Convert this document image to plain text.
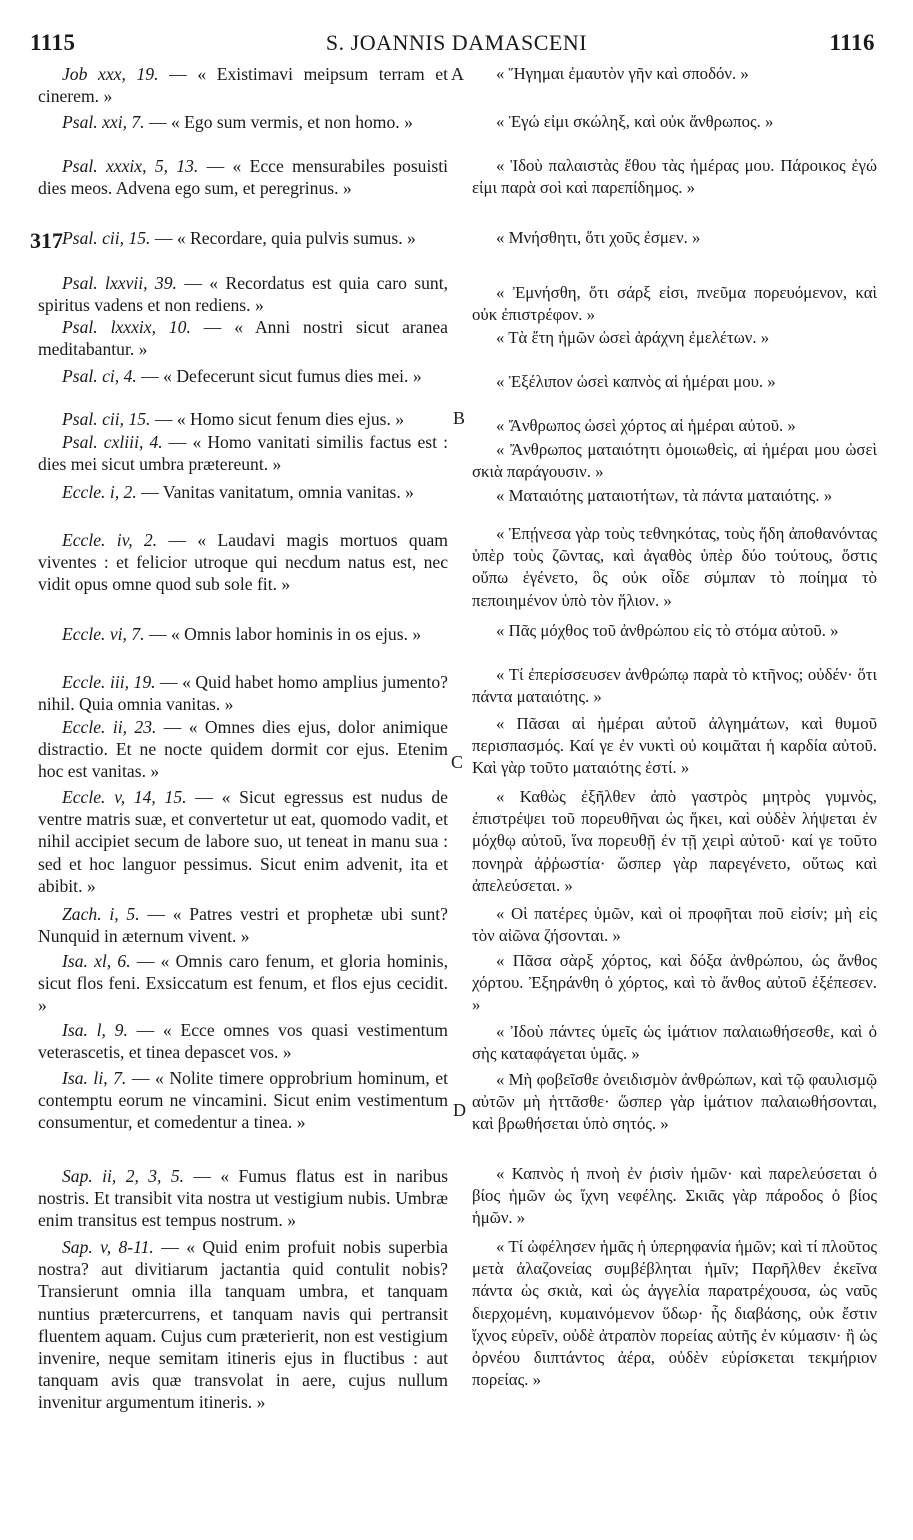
1115	S. JOANNIS DAMASCENI	1116
317
A
B
C
D

Job xxx, 19. — « Existimavi meipsum terram et cinerem. »

Psal. xxi, 7. — « Ego sum vermis, et non homo. »

Psal. xxxix, 5, 13. — « Ecce mensurabiles posuisti dies meos. Advena ego sum, et peregrinus. »

Psal. cii, 15. — « Recordare, quia pulvis sumus. »

Psal. lxxvii, 39. — « Recordatus est quia caro sunt, spiritus vadens et non rediens. »

Psal. lxxxix, 10. — « Anni nostri sicut aranea meditabantur. »

Psal. ci, 4. — « Defecerunt sicut fumus dies mei. »

Psal. cii, 15. — « Homo sicut fenum dies ejus. »

Psal. cxliii, 4. — « Homo vanitati similis factus est : dies mei sicut umbra prætereunt. »

Eccle. i, 2. — Vanitas vanitatum, omnia vanitas. »

Eccle. iv, 2. — « Laudavi magis mortuos quam viventes : et felicior utroque qui necdum natus est, nec vidit opus omne quod sub sole fit. »

Eccle. vi, 7. — « Omnis labor hominis in os ejus. »

Eccle. iii, 19. — « Quid habet homo amplius jumento? nihil. Quia omnia vanitas. »

Eccle. ii, 23. — « Omnes dies ejus, dolor animique distractio. Et ne nocte quidem dormit cor ejus. Etenim hoc est vanitas. »

Eccle. v, 14, 15. — « Sicut egressus est nudus de ventre matris suæ, et convertetur ut eat, quomodo vadit, et nihil accipiet secum de labore suo, ut teneat in manu sua : sed et hoc languor pessimus. Sicut enim advenit, ita et abibit. »

Zach. i, 5. — « Patres vestri et prophetæ ubi sunt? Nunquid in æternum vivent. »

Isa. xl, 6. — « Omnis caro fenum, et gloria hominis, sicut flos feni. Exsiccatum est fenum, et flos ejus cecidit. »

Isa. l, 9. — « Ecce omnes vos quasi vestimentum veterascetis, et tinea depascet vos. »

Isa. li, 7. — « Nolite timere opprobrium hominum, et contemptu eorum ne vincamini. Sicut enim vestimentum consumentur, et comedentur a tinea. »

Sap. ii, 2, 3, 5. — « Fumus flatus est in naribus nostris. Et transibit vita nostra ut vestigium nubis. Umbræ enim transitus est tempus nostrum. »

Sap. v, 8-11. — « Quid enim profuit nobis superbia nostra? aut divitiarum jactantia quid contulit nobis? Transierunt omnia illa tanquam umbra, et tanquam nuntius prætercurrens, et tanquam navis qui pertransit fluentem aquam. Cujus cum præterierit, non est vestigium invenire, neque semitam itineris ejus in fluctibus : aut tanquam avis quæ transvolat in aere, cujus nullum invenitur argumentum itineris. »

« Ἥγημαι ἐμαυτὸν γῆν καὶ σποδόν. »

« Ἐγώ εἰμι σκώληξ, καὶ οὐκ ἄνθρωπος. »

« Ἰδοὺ παλαιστὰς ἔθου τὰς ἡμέρας μου. Πάροικος ἐγώ εἰμι παρὰ σοὶ καὶ παρεπίδημος. »

« Μνήσθητι, ὅτι χοῦς ἐσμεν. »

« Ἐμνήσθη, ὅτι σάρξ εἰσι, πνεῦμα πορευόμενον, καὶ οὐκ ἐπιστρέφον. »

« Τὰ ἔτη ἡμῶν ὡσεὶ ἀράχνη ἐμελέτων. »

« Ἐξέλιπον ὡσεὶ καπνὸς αἱ ἡμέραι μου. »

« Ἄνθρωπος ὡσεὶ χόρτος αἱ ἡμέραι αὐτοῦ. »

« Ἄνθρωπος ματαιότητι ὁμοιωθεὶς, αἱ ἡμέραι μου ὡσεὶ σκιὰ παράγουσιν. »

« Ματαιότης ματαιοτήτων, τὰ πάντα ματαιότης. »

« Ἐπῄνεσα γὰρ τοὺς τεθνηκότας, τοὺς ἤδη ἀποθανόντας ὑπὲρ τοὺς ζῶντας, καὶ ἀγαθὸς ὑπὲρ δύο τούτους, ὅστις οὔπω ἐγένετο, ὃς οὐκ οἶδε σύμπαν τὸ ποίημα τὸ πεποιημένον ὑπὸ τὸν ἥλιον. »

« Πᾶς μόχθος τοῦ ἀνθρώπου εἰς τὸ στόμα αὐτοῦ. »

« Τί ἐπερίσσευσεν ἀνθρώπῳ παρὰ τὸ κτῆνος; οὐδέν· ὅτι πάντα ματαιότης. »

« Πᾶσαι αἱ ἡμέραι αὐτοῦ ἀλγημάτων, καὶ θυμοῦ περισπασμός. Καί γε ἐν νυκτὶ οὐ κοιμᾶται ἡ καρδία αὐτοῦ. Καὶ γὰρ τοῦτο ματαιότης ἐστί. »

« Καθὼς ἐξῆλθεν ἀπὸ γαστρὸς μητρὸς γυμνὸς, ἐπιστρέψει τοῦ πορευθῆναι ὡς ἥκει, καὶ οὐδὲν λήψεται ἐν μόχθῳ αὐτοῦ, ἵνα πορευθῇ ἐν τῇ χειρὶ αὐτοῦ· καί γε τοῦτο πονηρὰ ἀῤῥωστία· ὥσπερ γὰρ παρεγένετο, οὕτως καὶ ἀπελεύσεται. »

« Οἱ πατέρες ὑμῶν, καὶ οἱ προφῆται ποῦ εἰσίν; μὴ εἰς τὸν αἰῶνα ζήσονται. »

« Πᾶσα σὰρξ χόρτος, καὶ δόξα ἀνθρώπου, ὡς ἄνθος χόρτου. Ἐξηράνθη ὁ χόρτος, καὶ τὸ ἄνθος αὐτοῦ ἐξέπεσεν. »

« Ἰδοὺ πάντες ὑμεῖς ὡς ἱμάτιον παλαιωθήσεσθε, καὶ ὁ σὴς καταφάγεται ὑμᾶς. »

« Μὴ φοβεῖσθε ὀνειδισμὸν ἀνθρώπων, καὶ τῷ φαυλισμῷ αὐτῶν μὴ ἡττᾶσθε· ὥσπερ γὰρ ἱμάτιον παλαιωθήσονται, καὶ βρωθήσεται ὑπὸ σητός. »

« Καπνὸς ἡ πνοὴ ἐν ῥισὶν ἡμῶν· καὶ παρελεύσεται ὁ βίος ἡμῶν ὡς ἴχνη νεφέλης. Σκιᾶς γὰρ πάροδος ὁ βίος ἡμῶν. »

« Τί ὠφέλησεν ἡμᾶς ἡ ὑπερηφανία ἡμῶν; καὶ τί πλοῦτος μετὰ ἀλαζονείας συμβέβληται ἡμῖν; Παρῆλθεν ἐκεῖνα πάντα ὡς σκιὰ, καὶ ὡς ἀγγελία παρατρέχουσα, ὡς ναῦς διερχομένη, κυμαινόμενον ὕδωρ· ἧς διαβάσης, οὐκ ἔστιν ἴχνος εὑρεῖν, οὐδὲ ἀτραπὸν πορείας αὐτῆς ἐν κύμασιν· ἢ ὡς ὀρνέου διιπτάντος ἀέρα, οὐδὲν εὑρίσκεται τεκμήριον πορείας. »
